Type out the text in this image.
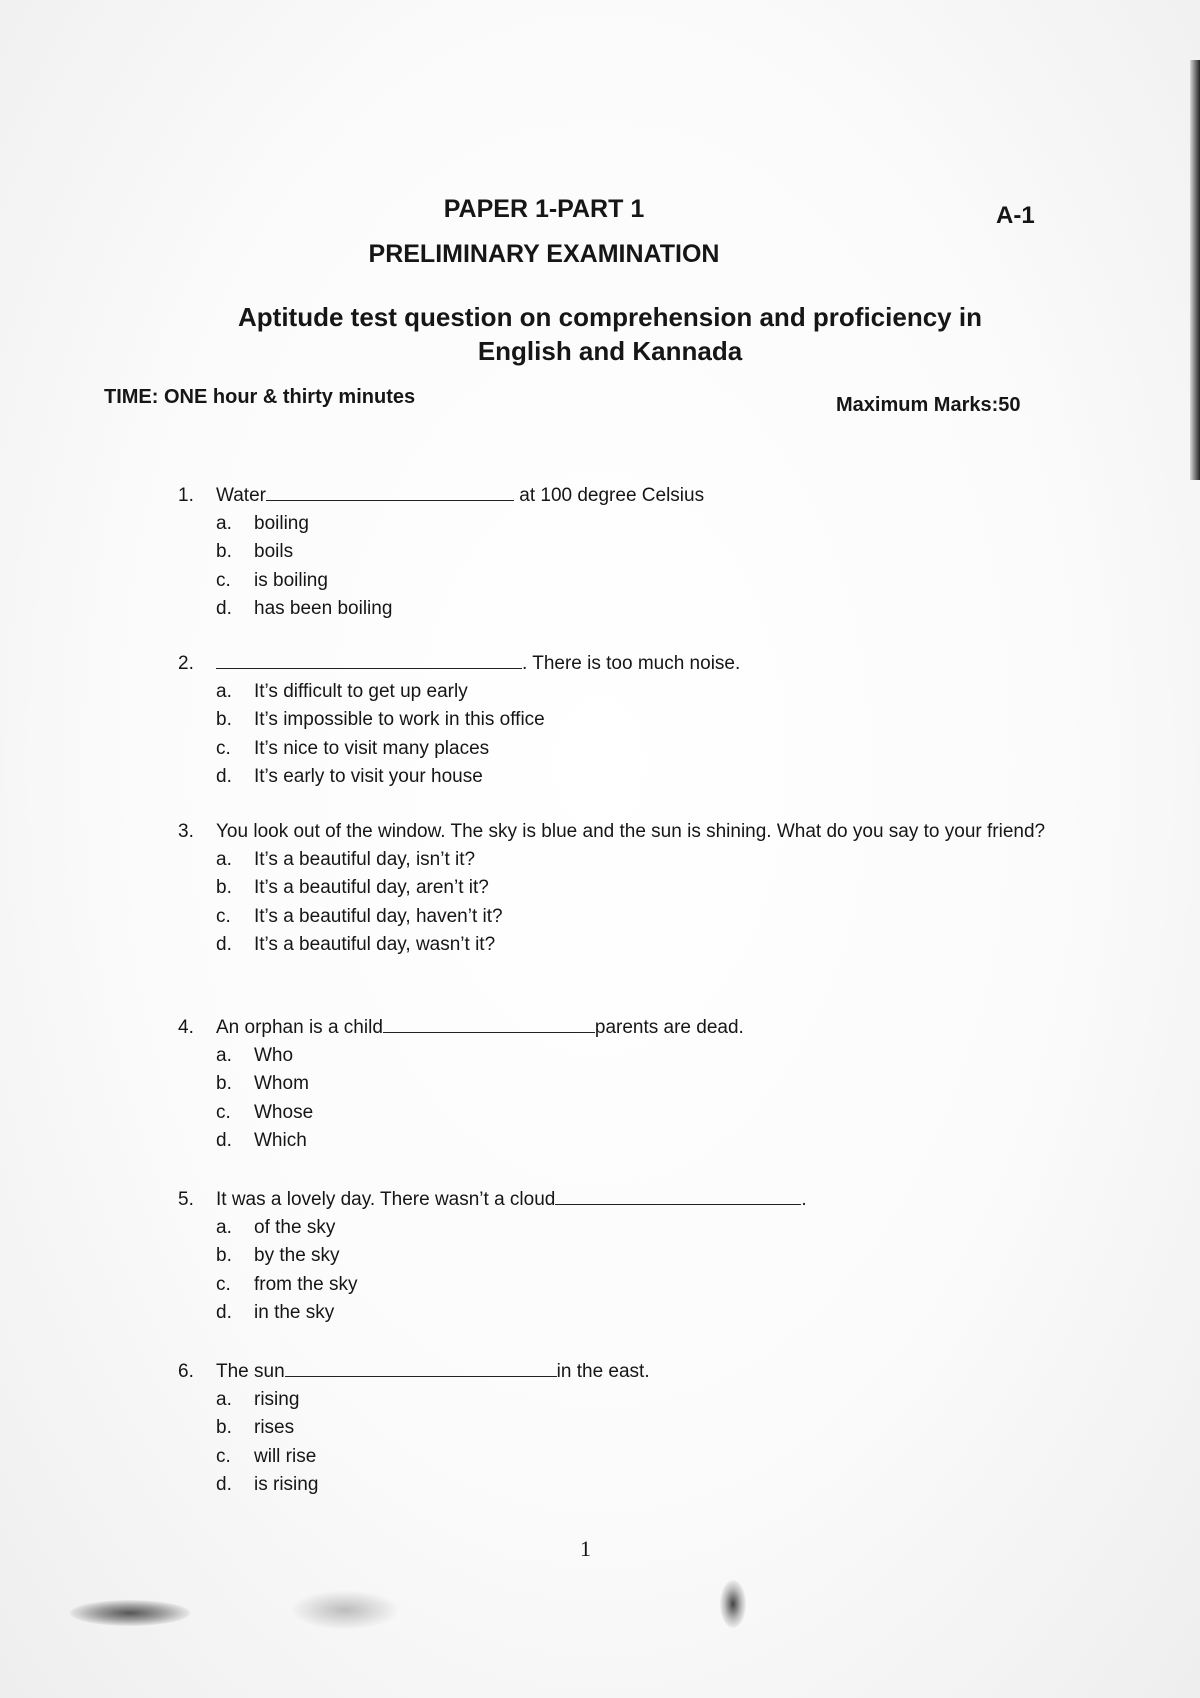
PAPER 1-PART 1	A-1
PRELIMINARY EXAMINATION
Aptitude test question on comprehension and proficiency in
English and Kannada
TIME: ONE hour & thirty minutes	Maximum Marks:50
1.	Water	at 100 degree Celsius
a.	boiling
b.	boils
c.	is boiling
d.	has been boiling
2.	. There is too much noise.
a.	It’s difficult to get up early
b.	It’s impossible to work in this office
c.	It’s nice to visit many places
d.	It’s early to visit your house
3.	You look out of the window. The sky is blue and the sun is shining. What do you say to your friend?
a.	It’s a beautiful day, isn’t it?
b.	It’s a beautiful day, aren’t it?
c.	It’s a beautiful day, haven’t it?
d.	It’s a beautiful day, wasn’t it?
4.	An orphan is a child	parents are dead.
a.	Who
b.	Whom
c.	Whose
d.	Which
5.	It was a lovely day. There wasn’t a cloud	.
a.	of the sky
b.	by the sky
c.	from the sky
d.	in the sky
6.	The sun	in the east.
a.	rising
b.	rises
c.	will rise
d.	is rising
1
